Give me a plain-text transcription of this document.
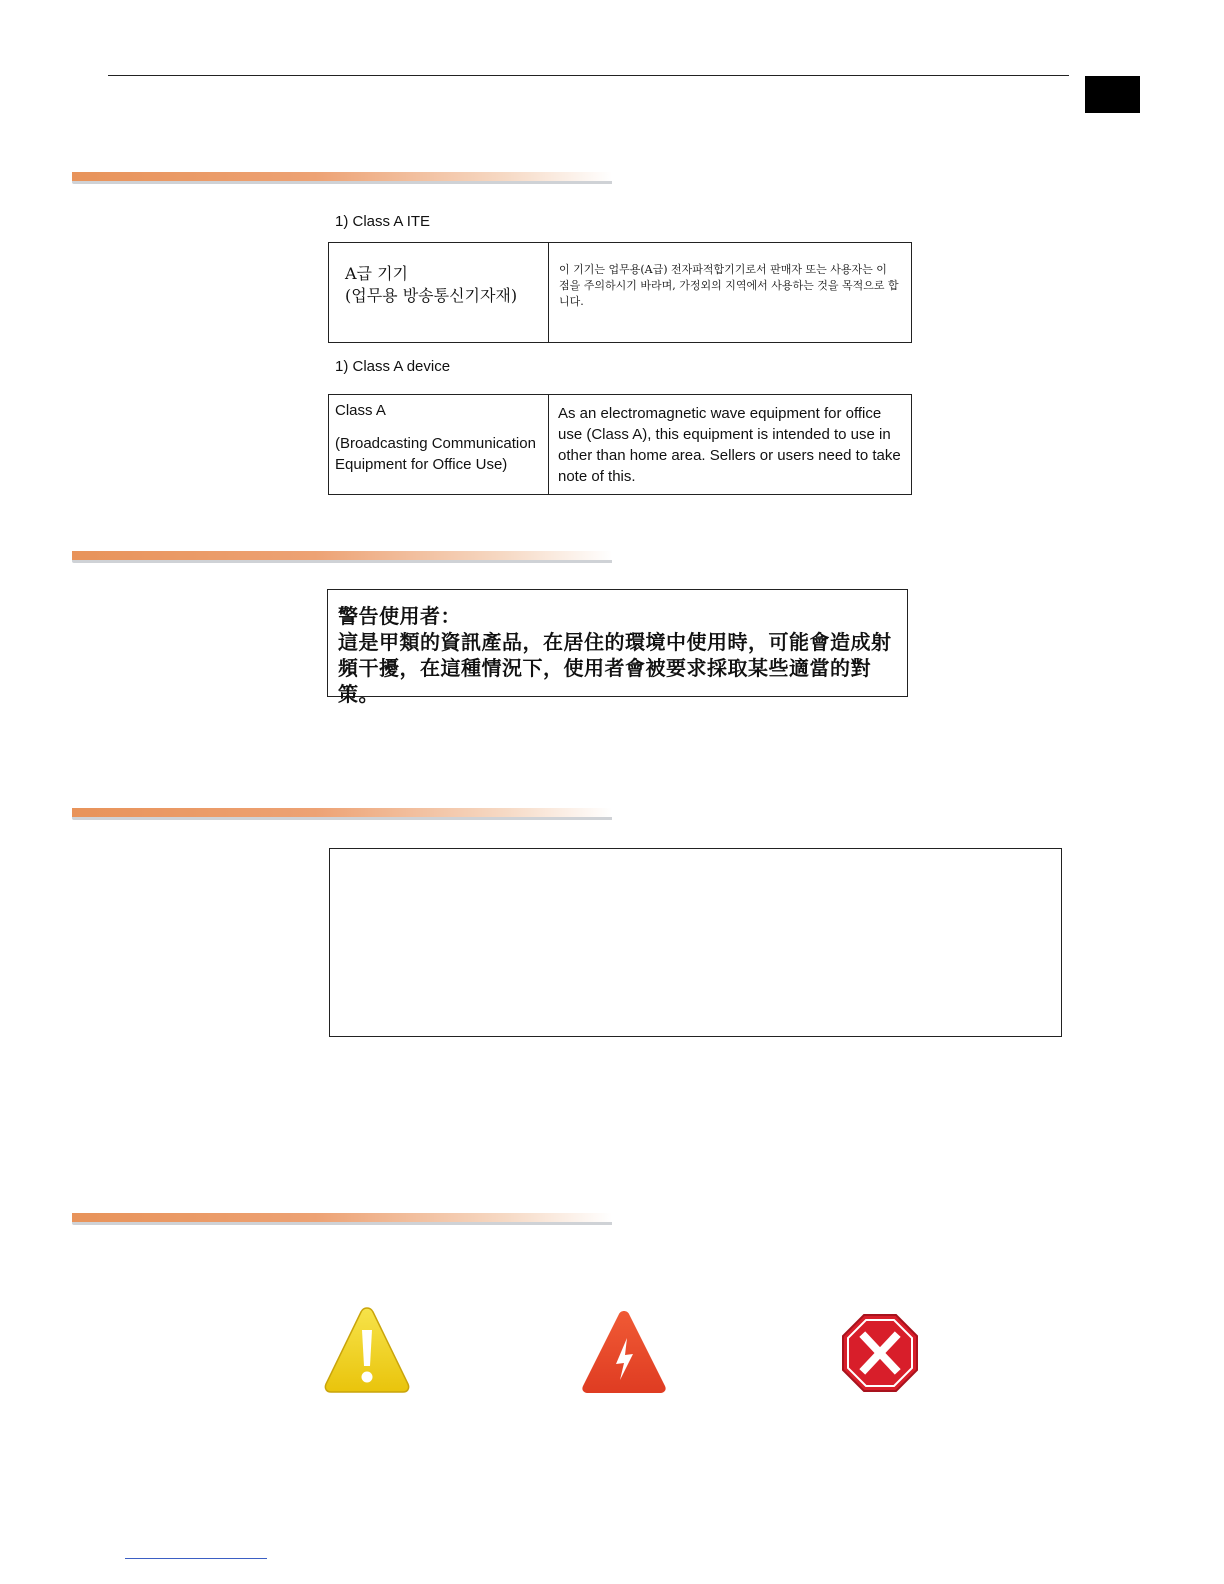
1) Class A ITE
A급 기기
(업무용 방송통신기자재)
이 기기는 업무용(A급) 전자파적합기기로서 판매자 또는 사용자는 이 점을 주의하시기 바라며, 가정외의 지역에서 사용하는 것을 목적으로 합니다.
1) Class A device
Class A
(Broadcasting Communication Equipment for Office Use)
As an electromagnetic wave equipment for office use (Class A), this equipment is intended to use in other than home area. Sellers or users need to take note of this.
警告使用者：
這是甲類的資訊產品，在居住的環境中使用時，可能會造成射頻干擾，在這種情況下，使用者會被要求採取某些適當的對策。
